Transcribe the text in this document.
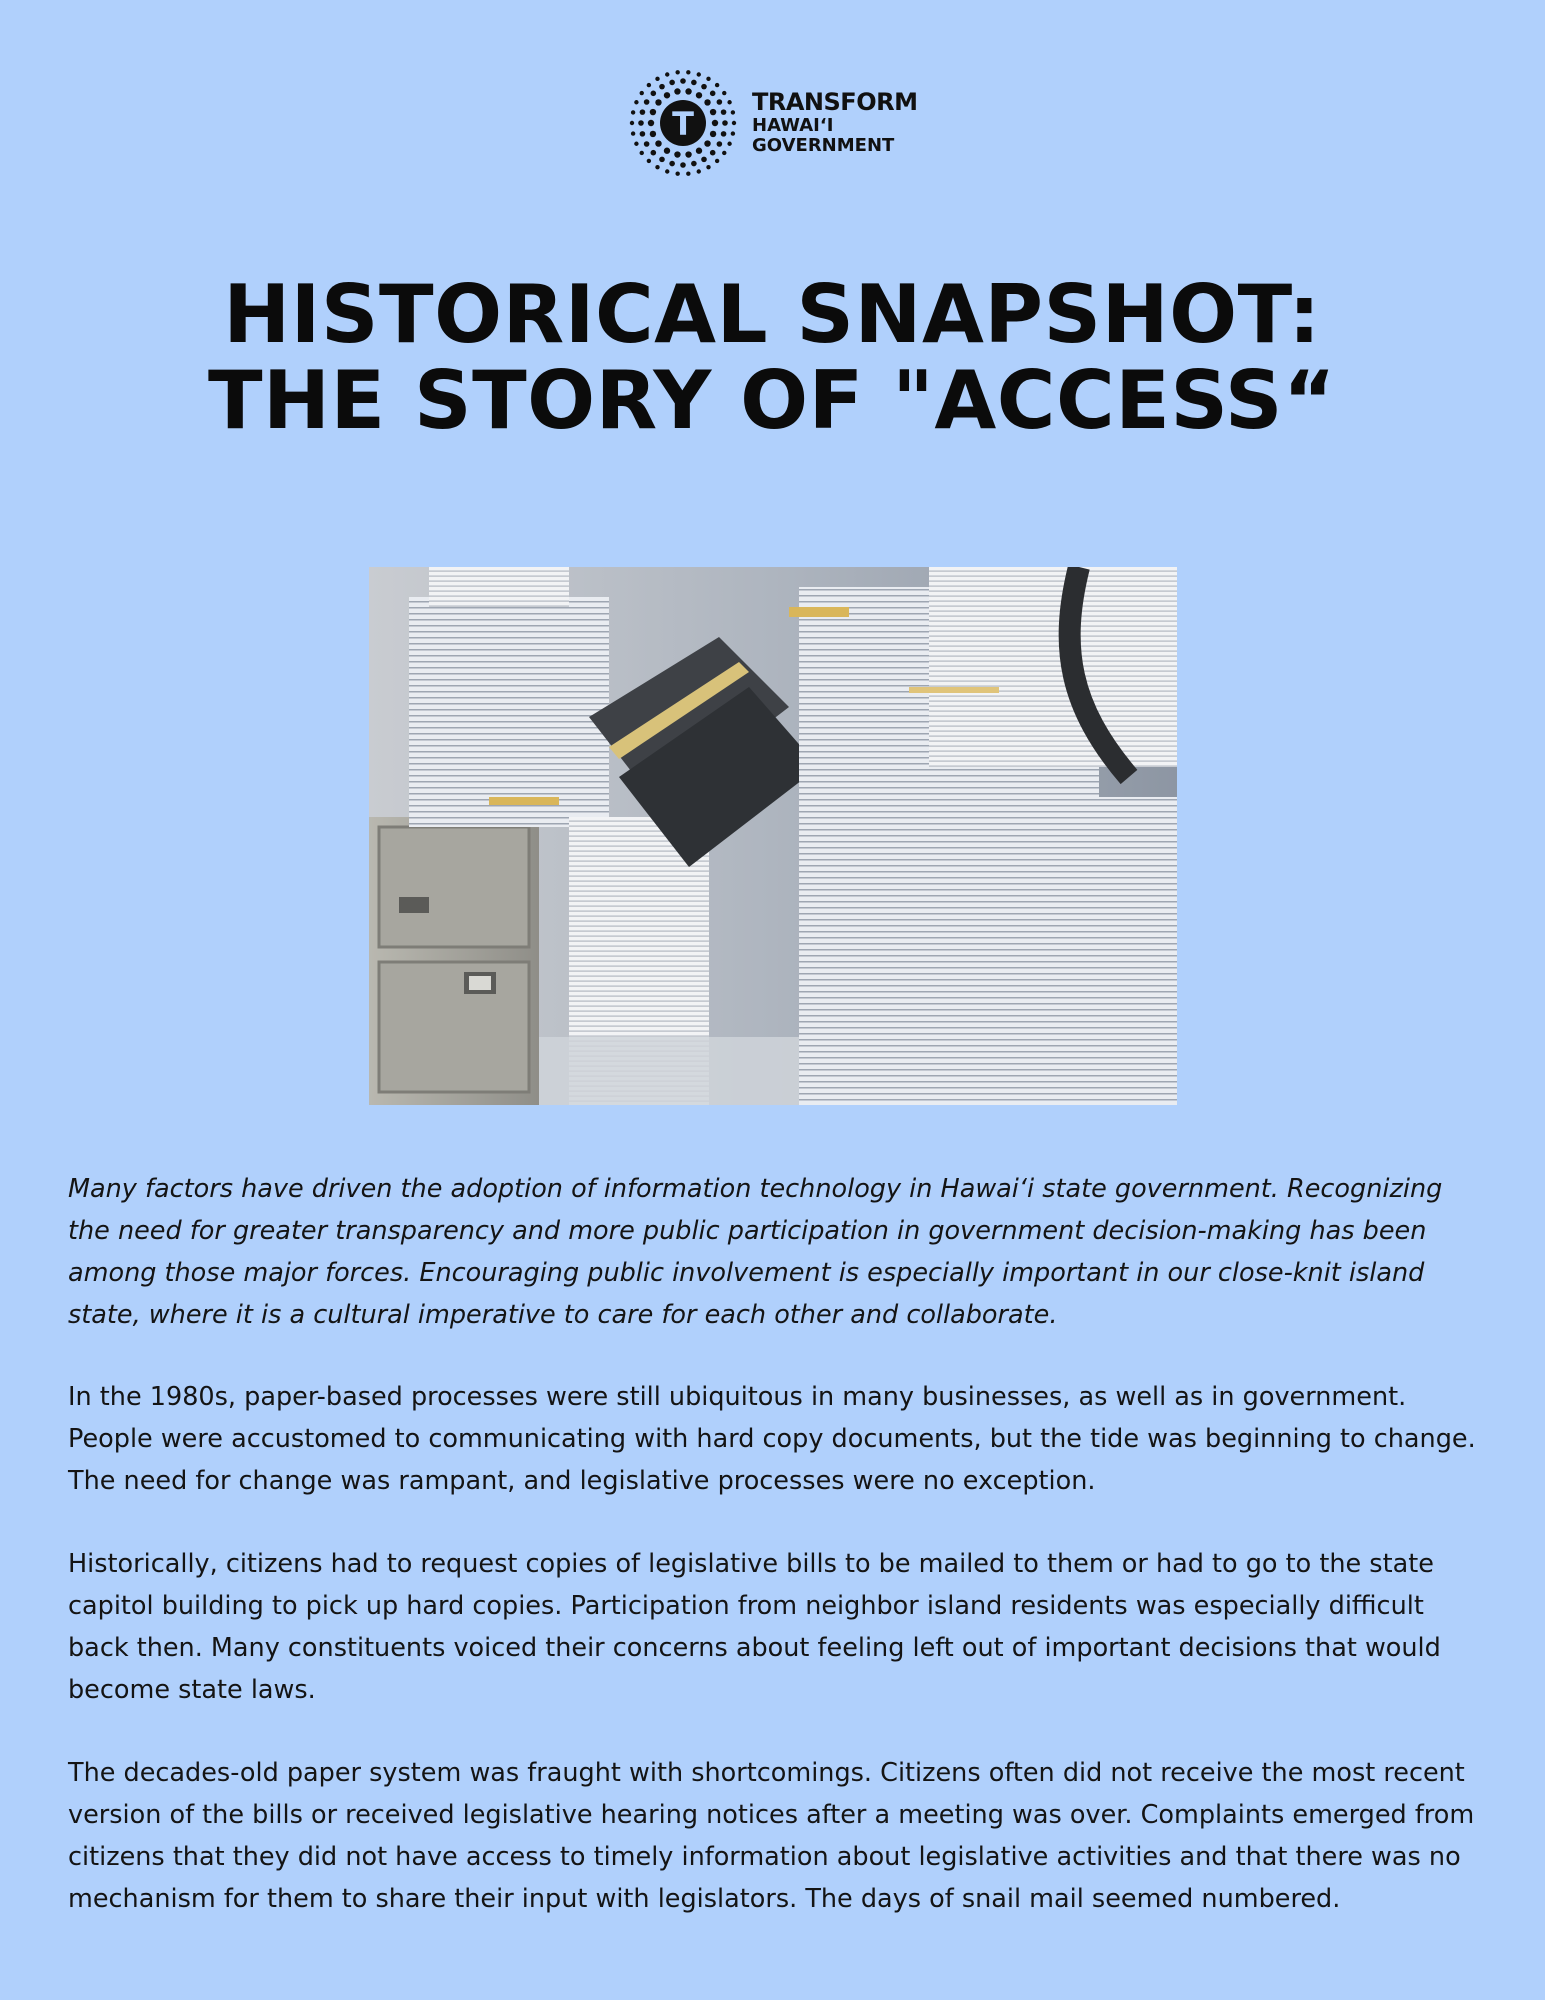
T
TRANSFORM
HAWAI‘I
GOVERNMENT
HISTORICAL SNAPSHOT: THE STORY OF "ACCESS“

Many factors have driven the adoption of information technology in Hawai‘i state government. Recognizing the need for greater transparency and more public participation in government decision-making has been among those major forces. Encouraging public involvement is especially important in our close-knit island state, where it is a cultural imperative to care for each other and collaborate.

In the 1980s, paper-based processes were still ubiquitous in many businesses, as well as in government. People were accustomed to communicating with hard copy documents, but the tide was beginning to change. The need for change was rampant, and legislative processes were no exception.

Historically, citizens had to request copies of legislative bills to be mailed to them or had to go to the state capitol building to pick up hard copies. Participation from neighbor island residents was especially difficult back then. Many constituents voiced their concerns about feeling left out of important decisions that would become state laws.

The decades-old paper system was fraught with shortcomings. Citizens often did not receive the most recent version of the bills or received legislative hearing notices after a meeting was over. Complaints emerged from citizens that they did not have access to timely information about legislative activities and that there was no mechanism for them to share their input with legislators. The days of snail mail seemed numbered.
